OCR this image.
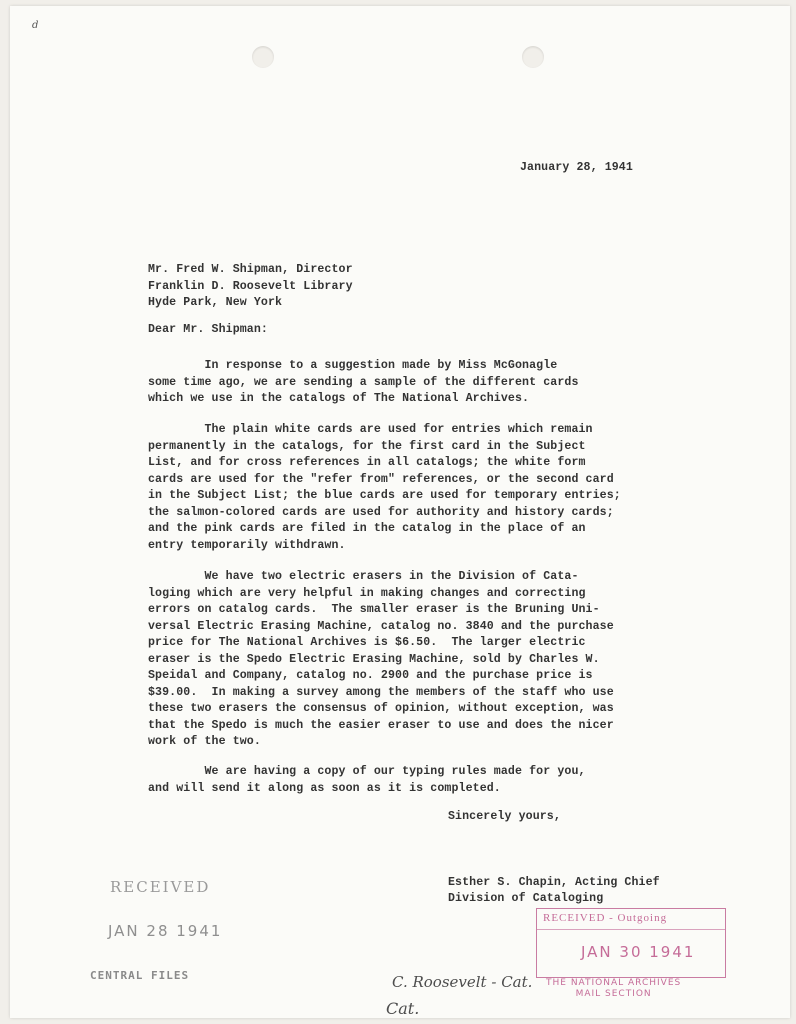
d
January 28, 1941
Mr. Fred W. Shipman, Director
Franklin D. Roosevelt Library
Hyde Park, New York
Dear Mr. Shipman:
In response to a suggestion made by Miss McGonagle
some time ago, we are sending a sample of the different cards
which we use in the catalogs of The National Archives.
The plain white cards are used for entries which remain
permanently in the catalogs, for the first card in the Subject
List, and for cross references in all catalogs; the white form
cards are used for the "refer from" references, or the second card
in the Subject List; the blue cards are used for temporary entries;
the salmon-colored cards are used for authority and history cards;
and the pink cards are filed in the catalog in the place of an
entry temporarily withdrawn.
We have two electric erasers in the Division of Cata-
loging which are very helpful in making changes and correcting
errors on catalog cards.  The smaller eraser is the Bruning Uni-
versal Electric Erasing Machine, catalog no. 3840 and the purchase
price for The National Archives is $6.50.  The larger electric
eraser is the Spedo Electric Erasing Machine, sold by Charles W.
Speidal and Company, catalog no. 2900 and the purchase price is
$39.00.  In making a survey among the members of the staff who use
these two erasers the consensus of opinion, without exception, was
that the Spedo is much the easier eraser to use and does the nicer
work of the two.
We are having a copy of our typing rules made for you,
and will send it along as soon as it is completed.
Sincerely yours,
Esther S. Chapin, Acting Chief
Division of Cataloging
RECEIVED
JAN 28 1941
CENTRAL FILES
RECEIVED - Outgoing
JAN 30 1941
THE NATIONAL ARCHIVES
MAIL SECTION
C. Roosevelt - Cat.
Cat.
